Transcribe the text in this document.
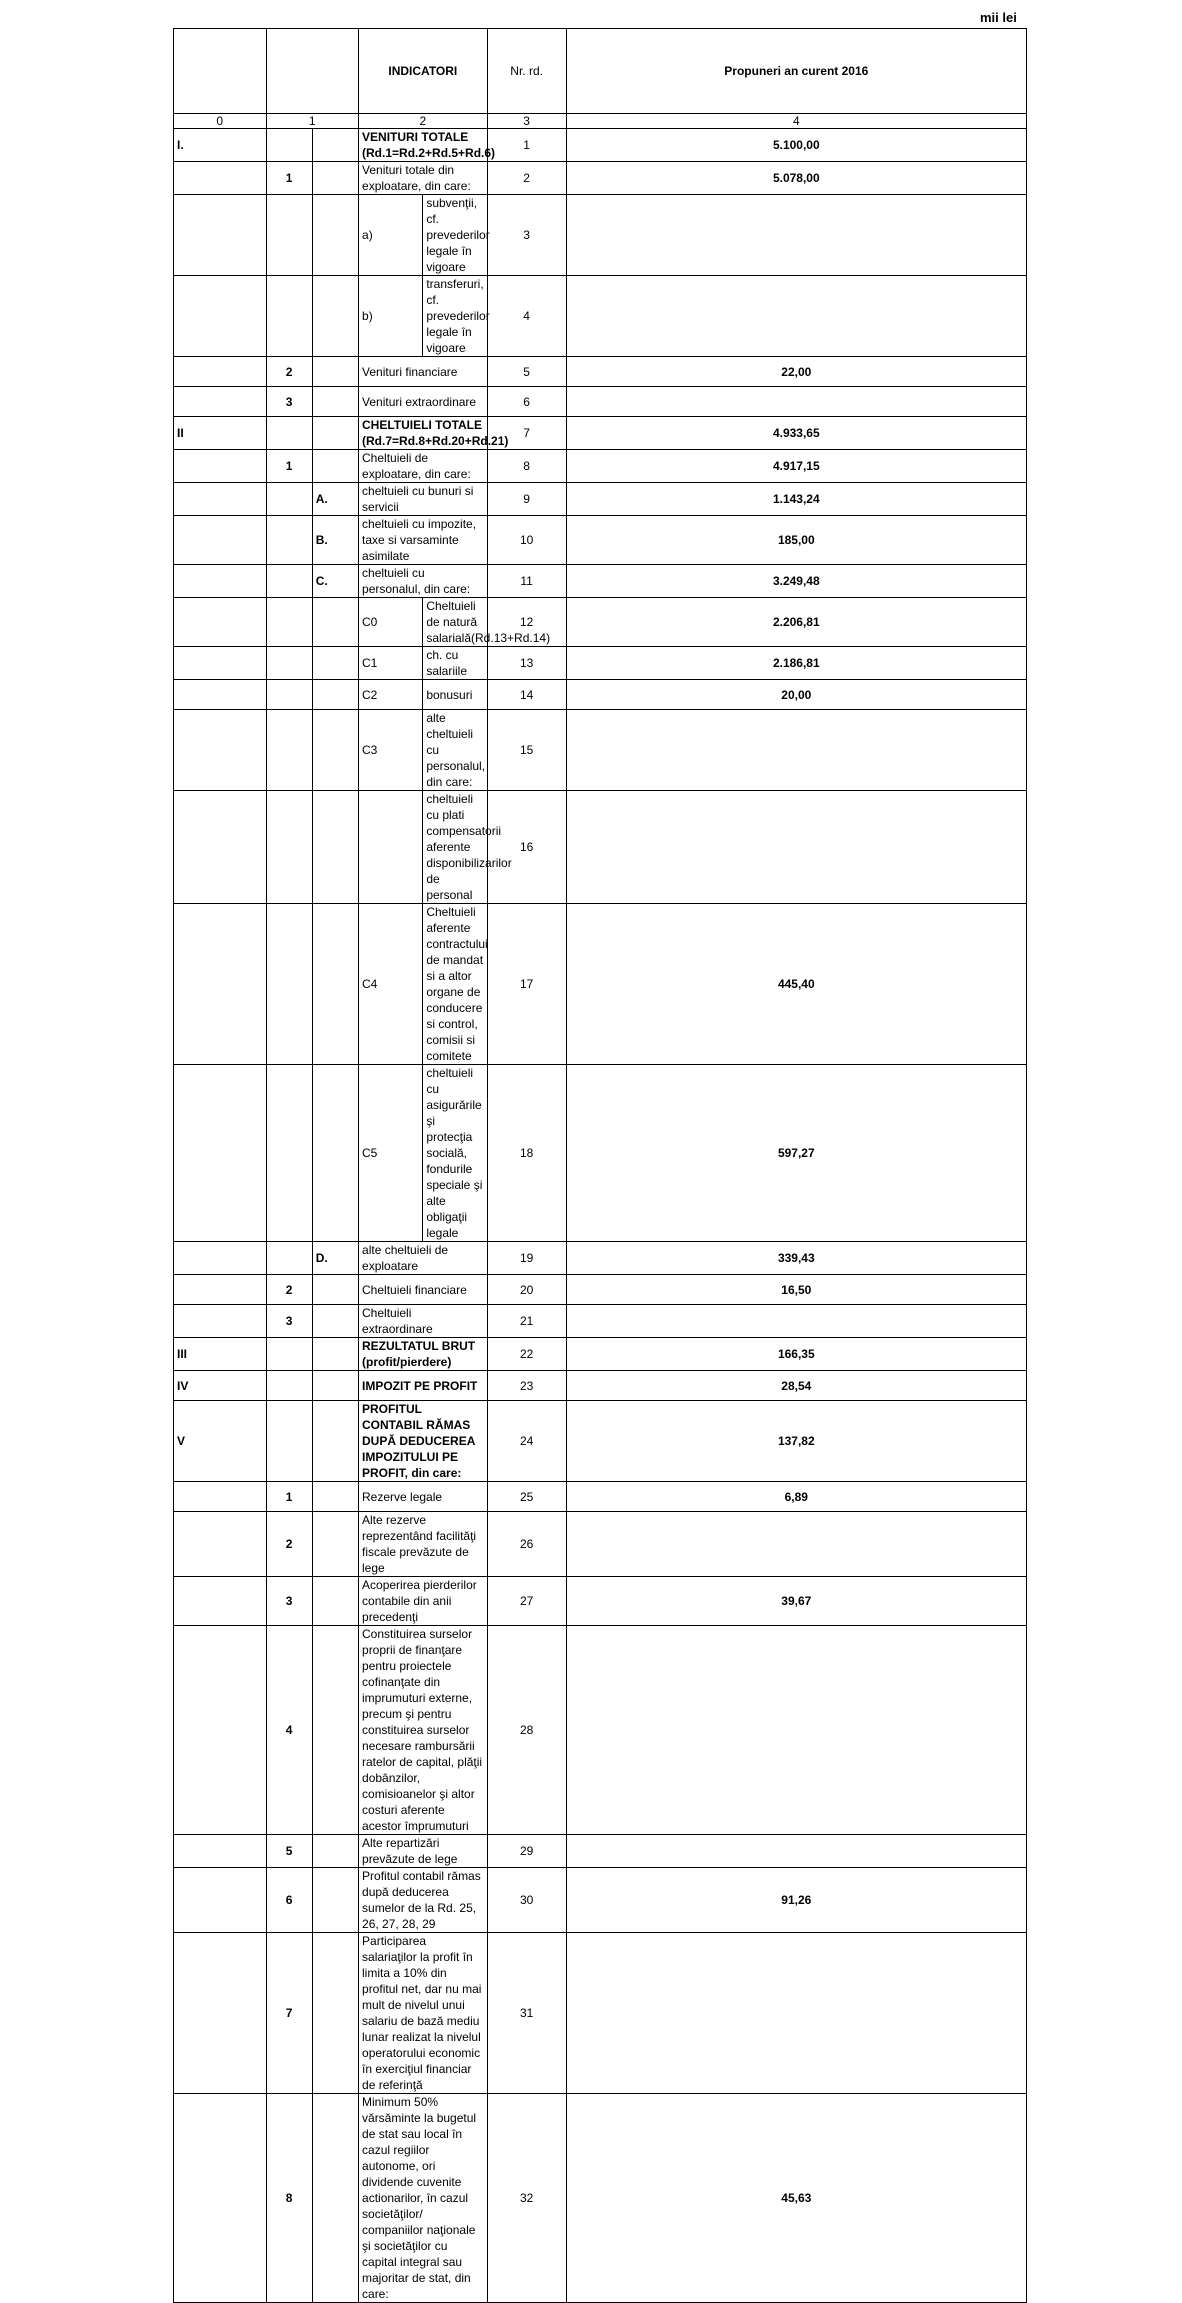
mii lei
			INDICATORI		Nr. rd.	Propuneri an curent 2016
0	1		2		3	4
I.			VENITURI TOTALE (Rd.1=Rd.2+Rd.5+Rd.6)		1	5.100,00
	1		Venituri totale din exploatare, din care:		2	5.078,00
			a)	subvenţii, cf. prevederilor legale în vigoare	3	
			b)	transferuri, cf. prevederilor legale în vigoare	4	
	2		Venituri financiare		5	22,00
	3		Venituri extraordinare		6	
II			CHELTUIELI TOTALE (Rd.7=Rd.8+Rd.20+Rd.21)		7	4.933,65
	1		Cheltuieli de exploatare, din care:		8	4.917,15
		A.	cheltuieli cu bunuri si servicii		9	1.143,24
		B.	cheltuieli cu impozite, taxe si varsaminte asimilate		10	185,00
		C.	cheltuieli cu personalul, din care:		11	3.249,48
			C0	Cheltuieli de natură salarială(Rd.13+Rd.14)	12	2.206,81
			C1	ch. cu salariile	13	2.186,81
			C2	bonusuri	14	20,00
			C3	alte cheltuieli cu personalul, din care:	15	
				cheltuieli cu plati compensatorii aferente disponibilizarilor de personal	16	
			C4	Cheltuieli aferente contractului de mandat si a altor organe de conducere si control, comisii si comitete	17	445,40
			C5	cheltuieli cu asigurările şi protecţia socială, fondurile speciale şi alte obligaţii legale	18	597,27
		D.	alte cheltuieli de exploatare		19	339,43
	2		Cheltuieli financiare		20	16,50
	3		Cheltuieli extraordinare		21	
III			REZULTATUL BRUT (profit/pierdere)		22	166,35
IV			IMPOZIT PE PROFIT		23	28,54
V			PROFITUL CONTABIL RĂMAS DUPĂ DEDUCEREA IMPOZITULUI PE PROFIT, din care:		24	137,82
	1		Rezerve legale		25	6,89
	2		Alte rezerve reprezentând facilităţi fiscale prevăzute de lege		26	
	3		Acoperirea pierderilor contabile din anii precedenţi		27	39,67
	4		Constituirea surselor proprii de finanţare pentru proiectele cofinanţate din imprumuturi externe, precum şi pentru constituirea surselor necesare rambursării ratelor de capital, plăţii dobânzilor, comisioanelor şi altor costuri aferente acestor împrumuturi		28	
	5		Alte repartizări prevăzute de lege		29	
	6		Profitul contabil rămas după deducerea sumelor de la Rd. 25, 26, 27, 28, 29		30	91,26
	7		Participarea salariaţilor la profit în limita a 10% din profitul net, dar nu mai mult de nivelul unui salariu de bază mediu lunar realizat la nivelul operatorului economic în exerciţiul financiar de referinţă		31	
	8		Minimum 50% vărsăminte la bugetul de stat sau local în cazul regiilor autonome, ori dividende cuvenite actionarilor, în cazul societăţilor/ companiilor naţionale şi societăţilor cu capital integral sau majoritar de stat, din care:		32	45,63
